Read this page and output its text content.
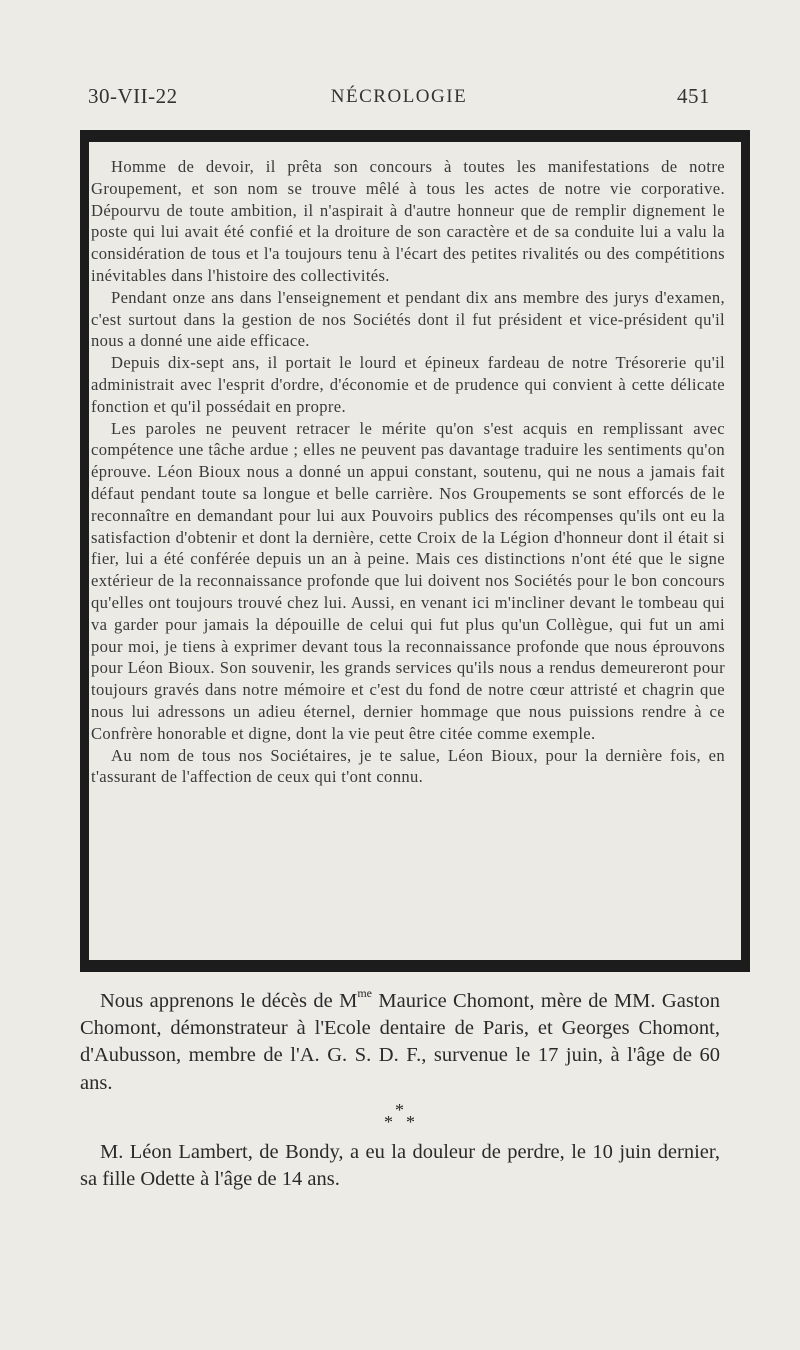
30-VII-22	NÉCROLOGIE	451

Homme de devoir, il prêta son concours à toutes les manifestations de notre Groupement, et son nom se trouve mêlé à tous les actes de notre vie corporative. Dépourvu de toute ambition, il n'aspirait à d'autre honneur que de remplir dignement le poste qui lui avait été confié et la droiture de son caractère et de sa conduite lui a valu la considération de tous et l'a toujours tenu à l'écart des petites rivalités ou des compétitions inévitables dans l'histoire des collectivités.

Pendant onze ans dans l'enseignement et pendant dix ans membre des jurys d'examen, c'est surtout dans la gestion de nos Sociétés dont il fut président et vice-président qu'il nous a donné une aide efficace.

Depuis dix-sept ans, il portait le lourd et épineux fardeau de notre Trésorerie qu'il administrait avec l'esprit d'ordre, d'économie et de prudence qui convient à cette délicate fonction et qu'il possédait en propre.

Les paroles ne peuvent retracer le mérite qu'on s'est acquis en remplissant avec compétence une tâche ardue ; elles ne peuvent pas davantage traduire les sentiments qu'on éprouve. Léon Bioux nous a donné un appui constant, soutenu, qui ne nous a jamais fait défaut pendant toute sa longue et belle carrière. Nos Groupements se sont efforcés de le reconnaître en demandant pour lui aux Pouvoirs publics des récompenses qu'ils ont eu la satisfaction d'obtenir et dont la dernière, cette Croix de la Légion d'honneur dont il était si fier, lui a été conférée depuis un an à peine. Mais ces distinctions n'ont été que le signe extérieur de la reconnaissance profonde que lui doivent nos Sociétés pour le bon concours qu'elles ont toujours trouvé chez lui. Aussi, en venant ici m'incliner devant le tombeau qui va garder pour jamais la dépouille de celui qui fut plus qu'un Collègue, qui fut un ami pour moi, je tiens à exprimer devant tous la reconnaissance profonde que nous éprouvons pour Léon Bioux. Son souvenir, les grands services qu'ils nous a rendus demeureront pour toujours gravés dans notre mémoire et c'est du fond de notre cœur attristé et chagrin que nous lui adressons un adieu éternel, dernier hommage que nous puissions rendre à ce Confrère honorable et digne, dont la vie peut être citée comme exemple.

Au nom de tous nos Sociétaires, je te salue, Léon Bioux, pour la dernière fois, en t'assurant de l'affection de ceux qui t'ont connu.

Nous apprenons le décès de $M^{me}$ Maurice Chomont, mère de MM. Gaston Chomont, démonstrateur à l'Ecole dentaire de Paris, et Georges Chomont, d'Aubusson, membre de l'A. G. S. D. F., survenue le 17 juin, à l'âge de 60 ans.

*
* *

M. Léon Lambert, de Bondy, a eu la douleur de perdre, le 10 juin dernier, sa fille Odette à l'âge de 14 ans.
